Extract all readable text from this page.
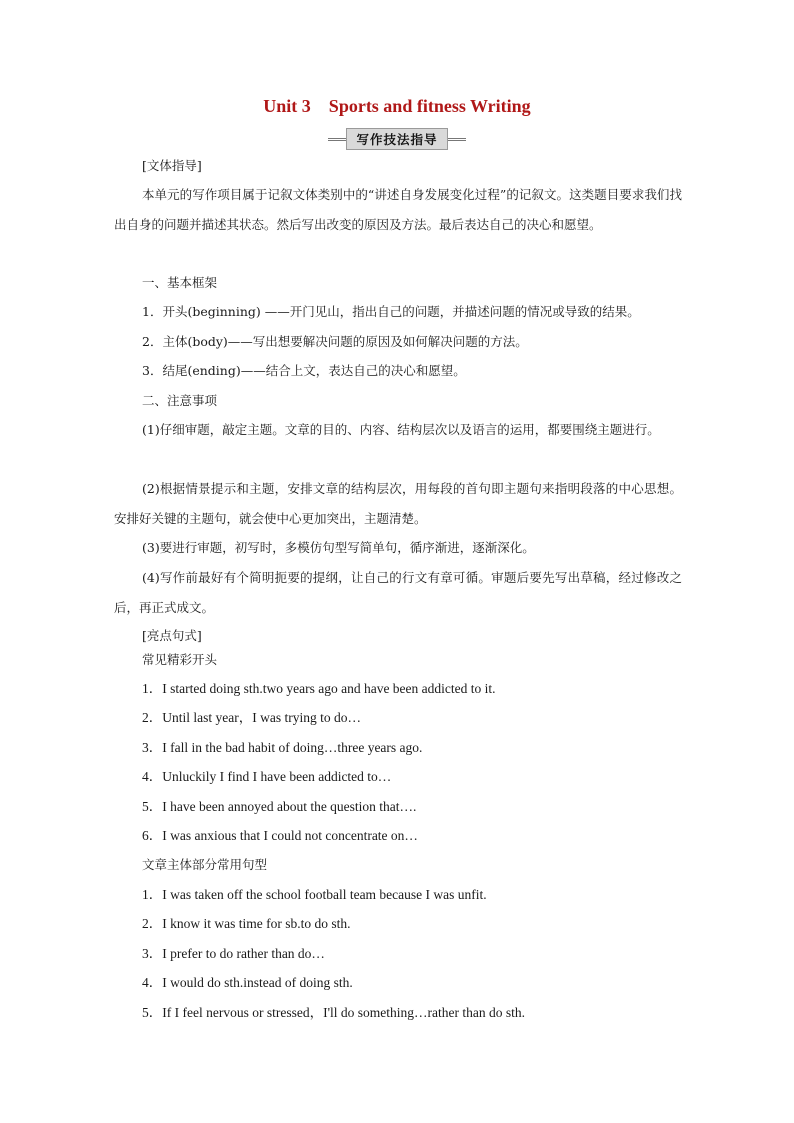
Unit 3    Sports and fitness Writing
写作技法指导
[文体指导]
本单元的写作项目属于记叙文体类别中的“讲述自身发展变化过程”的记叙文。这类题目要求我们找出自身的问题并描述其状态。然后写出改变的原因及方法。最后表达自己的决心和愿望。
一、基本框架
1．开头(beginning) ——开门见山，指出自己的问题，并描述问题的情况或导致的结果。
2．主体(body)——写出想要解决问题的原因及如何解决问题的方法。
3．结尾(ending)——结合上文，表达自己的决心和愿望。
二、注意事项
(1)仔细审题，敲定主题。文章的目的、内容、结构层次以及语言的运用，都要围绕主题进行。
(2)根据情景提示和主题，安排文章的结构层次，用每段的首句即主题句来指明段落的中心思想。安排好关键的主题句，就会使中心更加突出，主题清楚。
(3)要进行审题，初写时，多模仿句型写简单句，循序渐进，逐渐深化。
(4)写作前最好有个简明扼要的提纲，让自己的行文有章可循。审题后要先写出草稿，经过修改之后，再正式成文。
[亮点句式]
常见精彩开头
1．I started doing sth.two years ago and have been addicted to it.
2．Until last year，I was trying to do…
3．I fall in the bad habit of doing…three years ago.
4．Unluckily I find I have been addicted to…
5．I have been annoyed about the question that….
6．I was anxious that I could not concentrate on…
文章主体部分常用句型
1．I was taken off the school football team because I was unfit.
2．I know it was time for sb.to do sth.
3．I prefer to do rather than do…
4．I would do sth.instead of doing sth.
5．If I feel nervous or stressed，I'll do something…rather than do sth.
